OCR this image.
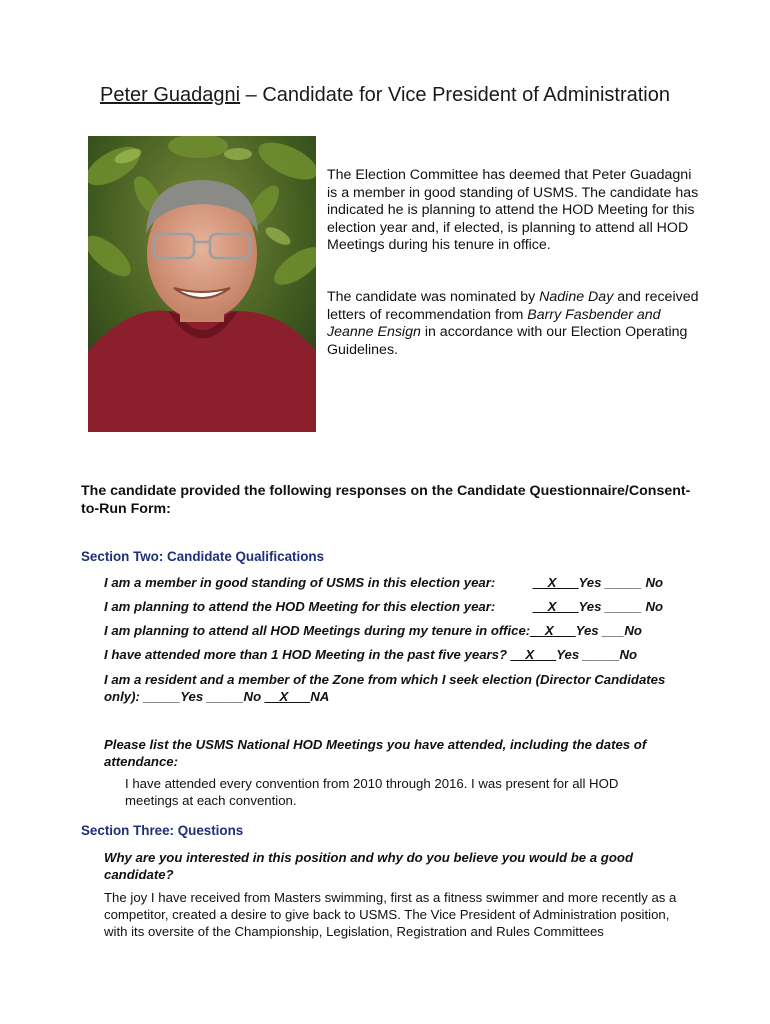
Peter Guadagni – Candidate for Vice President of Administration

The Election Committee has deemed that Peter Guadagni is a member in good standing of USMS. The candidate has indicated he is planning to attend the HOD Meeting for this election year and, if elected, is planning to attend all HOD Meetings during his tenure in office.

The candidate was nominated by Nadine Day and received letters of recommendation from Barry Fasbender and Jeanne Ensign in accordance with our Election Operating Guidelines.

The candidate provided the following responses on the Candidate Questionnaire/Consent-to-Run Form:
Section Two: Candidate Qualifications
I am a member in good standing of USMS in this election year:	__X___Yes _____ No
I am planning to attend the HOD Meeting for this election year:	__X___Yes _____ No
I am planning to attend all HOD Meetings during my tenure in office:__X___Yes ___No
I have attended more than 1 HOD Meeting in the past five years? __X___Yes _____No
I am a resident and a member of the Zone from which I seek election (Director Candidates only): _____Yes _____No __X___NA
Please list the USMS National HOD Meetings you have attended, including the dates of attendance:
I have attended every convention from 2010 through 2016. I was present for all HOD meetings at each convention.
Section Three: Questions
Why are you interested in this position and why do you believe you would be a good candidate?
The joy I have received from Masters swimming, first as a fitness swimmer and more recently as a competitor, created a desire to give back to USMS. The Vice President of Administration position, with its oversite of the Championship, Legislation, Registration and Rules Committees
